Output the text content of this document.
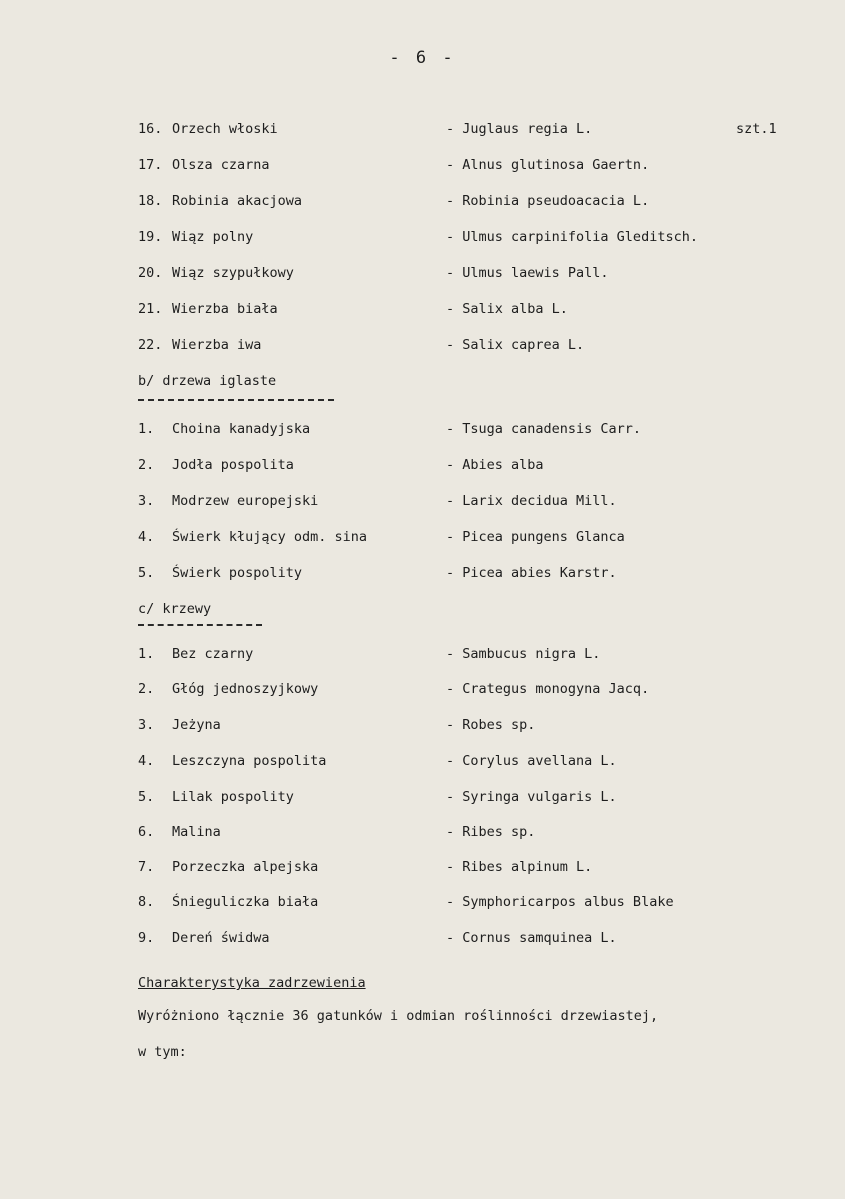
- 6 -
16. Orzech włoski	- Juglaus regia L.	szt.1
17. Olsza czarna	- Alnus glutinosa Gaertn.
18. Robinia akacjowa	- Robinia pseudoacacia L.
19. Wiąz polny	- Ulmus carpinifolia Gleditsch.
20. Wiąz szypułkowy	- Ulmus laewis Pall.
21. Wierzba biała	- Salix alba L.
22. Wierzba iwa	- Salix caprea L.
b/ drzewa iglaste
1. Choina kanadyjska	- Tsuga canadensis Carr.
2. Jodła pospolita	- Abies alba
3. Modrzew europejski	- Larix decidua Mill.
4. Świerk kłujący odm. sina	- Picea pungens Glanca
5. Świerk pospolity	- Picea abies Karstr.
c/ krzewy
1. Bez czarny	- Sambucus nigra L.
2. Głóg jednoszyjkowy	- Crategus monogyna Jacq.
3. Jeżyna	- Robes sp.
4. Leszczyna pospolita	- Corylus avellana L.
5. Lilak pospolity	- Syringa vulgaris L.
6. Malina	- Ribes sp.
7. Porzeczka alpejska	- Ribes alpinum L.
8. Śnieguliczka biała	- Symphoricarpos albus Blake
9. Dereń świdwa	- Cornus samquinea L.
Charakterystyka zadrzewienia
Wyróżniono łącznie 36 gatunków i odmian roślinności drzewiastej,
w tym:
